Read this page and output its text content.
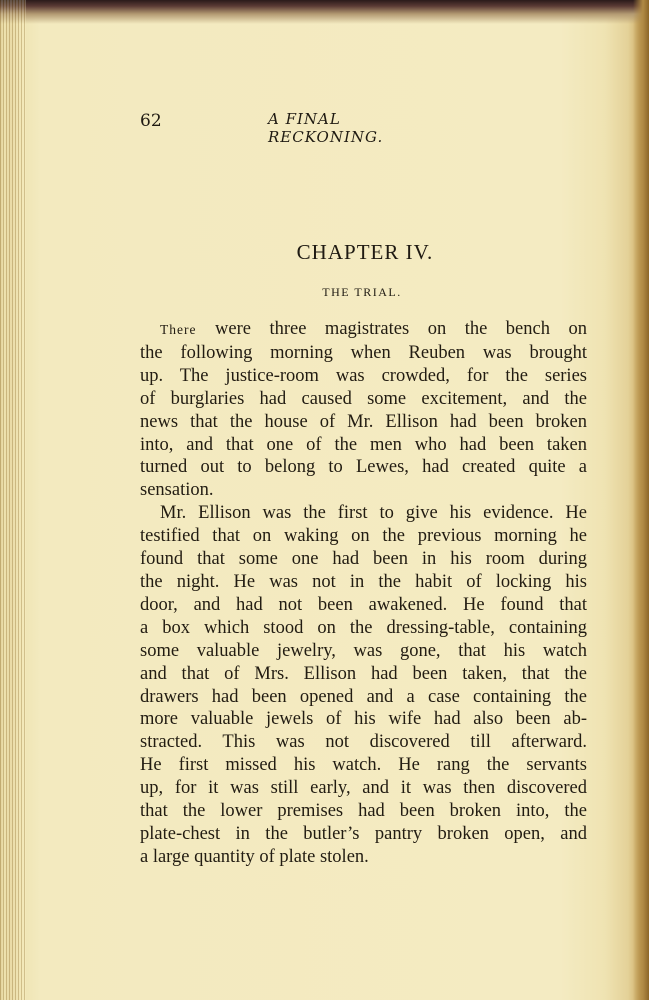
62	A FINAL RECKONING.
CHAPTER IV.
THE TRIAL.
There were three magistrates on the bench on
the following morning when Reuben was brought
up. The justice-room was crowded, for the series
of burglaries had caused some excitement, and the
news that the house of Mr. Ellison had been broken
into, and that one of the men who had been taken
turned out to belong to Lewes, had created quite a
sensation.
Mr. Ellison was the first to give his evidence. He
testified that on waking on the previous morning he
found that some one had been in his room during
the night. He was not in the habit of locking his
door, and had not been awakened. He found that
a box which stood on the dressing-table, containing
some valuable jewelry, was gone, that his watch
and that of Mrs. Ellison had been taken, that the
drawers had been opened and a case containing the
more valuable jewels of his wife had also been ab-
stracted. This was not discovered till afterward.
He first missed his watch. He rang the servants
up, for it was still early, and it was then discovered
that the lower premises had been broken into, the
plate-chest in the butler’s pantry broken open, and
a large quantity of plate stolen.
